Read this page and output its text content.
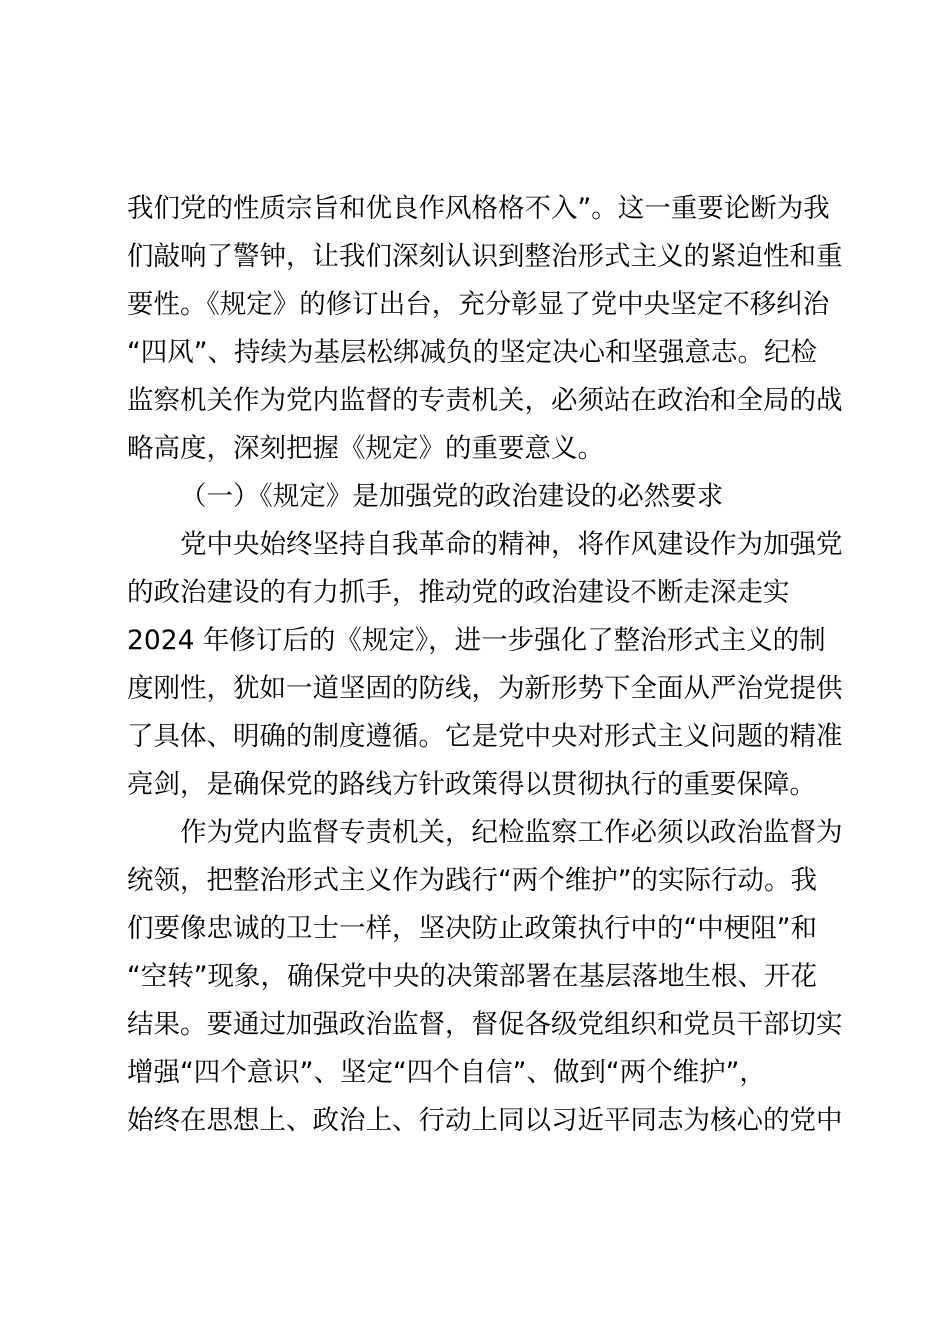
我们党的性质宗旨和优良作风格格不入”。这一重要论断为我
们敲响了警钟，让我们深刻认识到整治形式主义的紧迫性和重
要性。《规定》的修订出台，充分彰显了党中央坚定不移纠治
“四风”、持续为基层松绑减负的坚定决心和坚强意志。纪检
监察机关作为党内监督的专责机关，必须站在政治和全局的战
略高度，深刻把握《规定》的重要意义。
（一）《规定》是加强党的政治建设的必然要求
党中央始终坚持自我革命的精神，将作风建设作为加强党
的政治建设的有力抓手，推动党的政治建设不断走深走实
2024 年修订后的《规定》，进一步强化了整治形式主义的制
度刚性，犹如一道坚固的防线，为新形势下全面从严治党提供
了具体、明确的制度遵循。它是党中央对形式主义问题的精准
亮剑，是确保党的路线方针政策得以贯彻执行的重要保障。
作为党内监督专责机关，纪检监察工作必须以政治监督为
统领，把整治形式主义作为践行“两个维护”的实际行动。我
们要像忠诚的卫士一样，坚决防止政策执行中的“中梗阻”和
“空转”现象，确保党中央的决策部署在基层落地生根、开花
结果。要通过加强政治监督，督促各级党组织和党员干部切实
增强“四个意识”、坚定“四个自信”、做到“两个维护”，
始终在思想上、政治上、行动上同以习近平同志为核心的党中
